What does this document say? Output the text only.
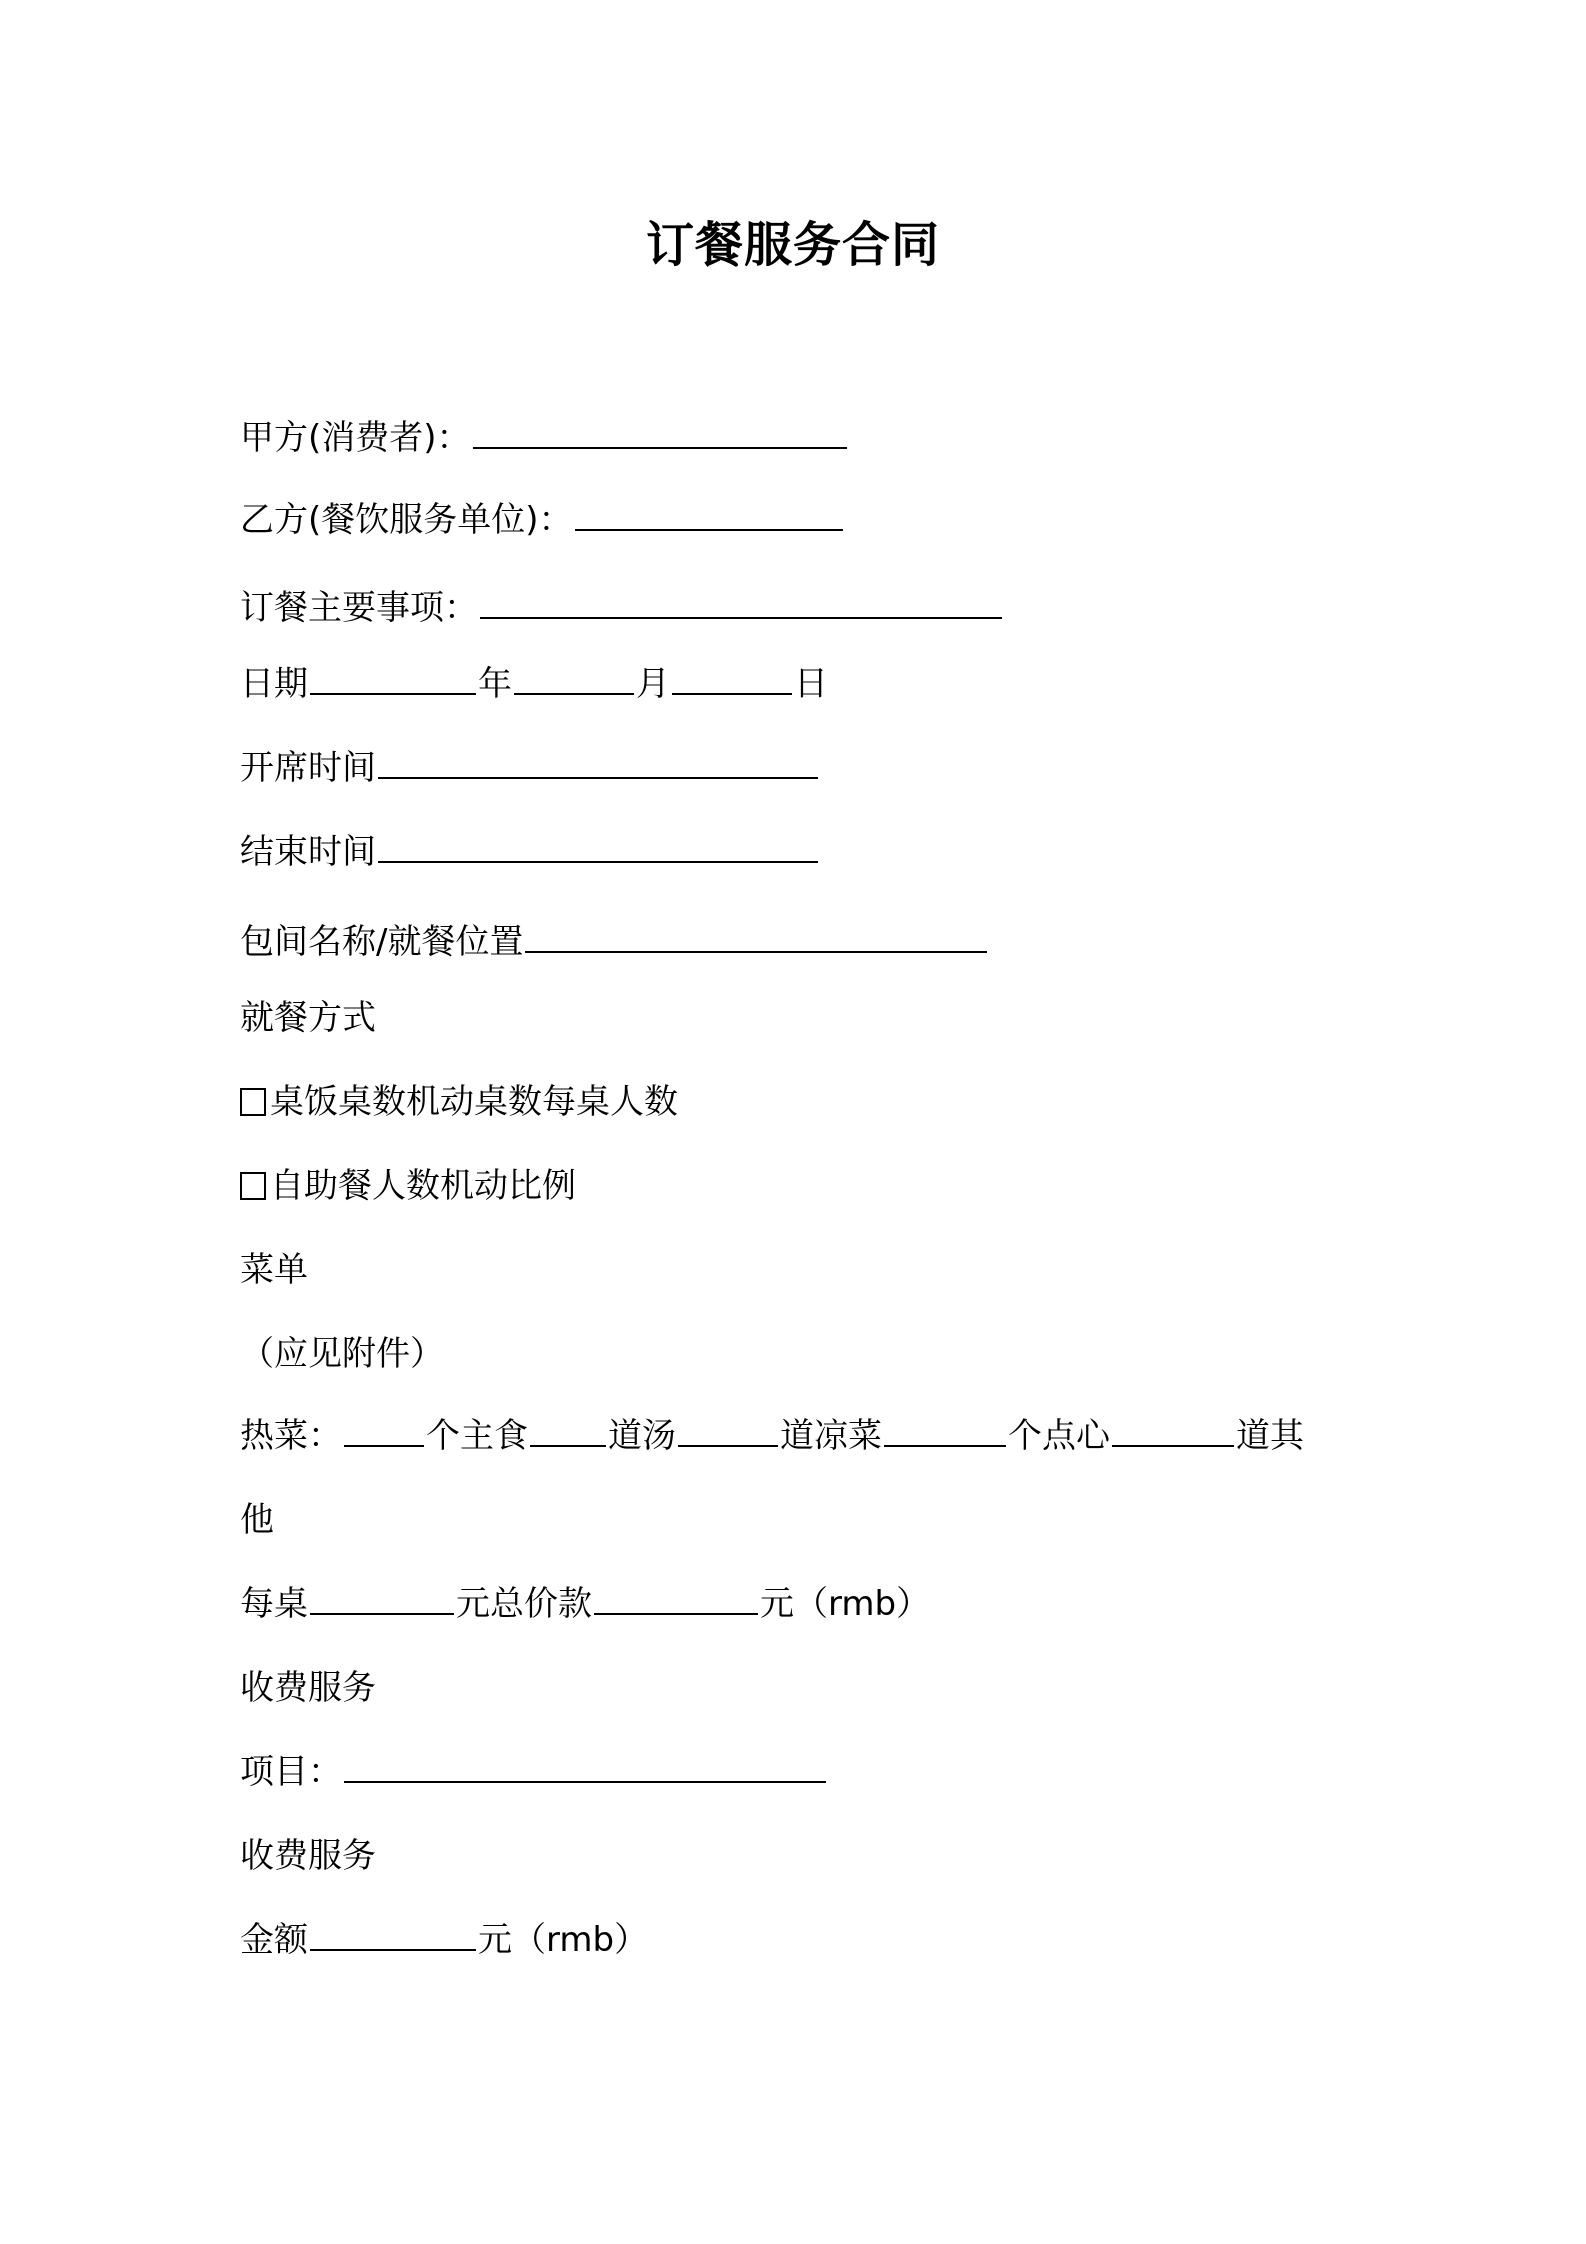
订餐服务合同
甲方(消费者)：
乙方(餐饮服务单位)：
订餐主要事项：
日期	年	月	日
开席时间
结束时间
包间名称/就餐位置
就餐方式
桌饭桌数机动桌数每桌人数
自助餐人数机动比例
菜单
（应见附件）
热菜： 个主食 道汤	道凉菜	个点心	道其
他
每桌	元总价款	元（rmb）
收费服务
项目：
收费服务
金额	元（rmb）
